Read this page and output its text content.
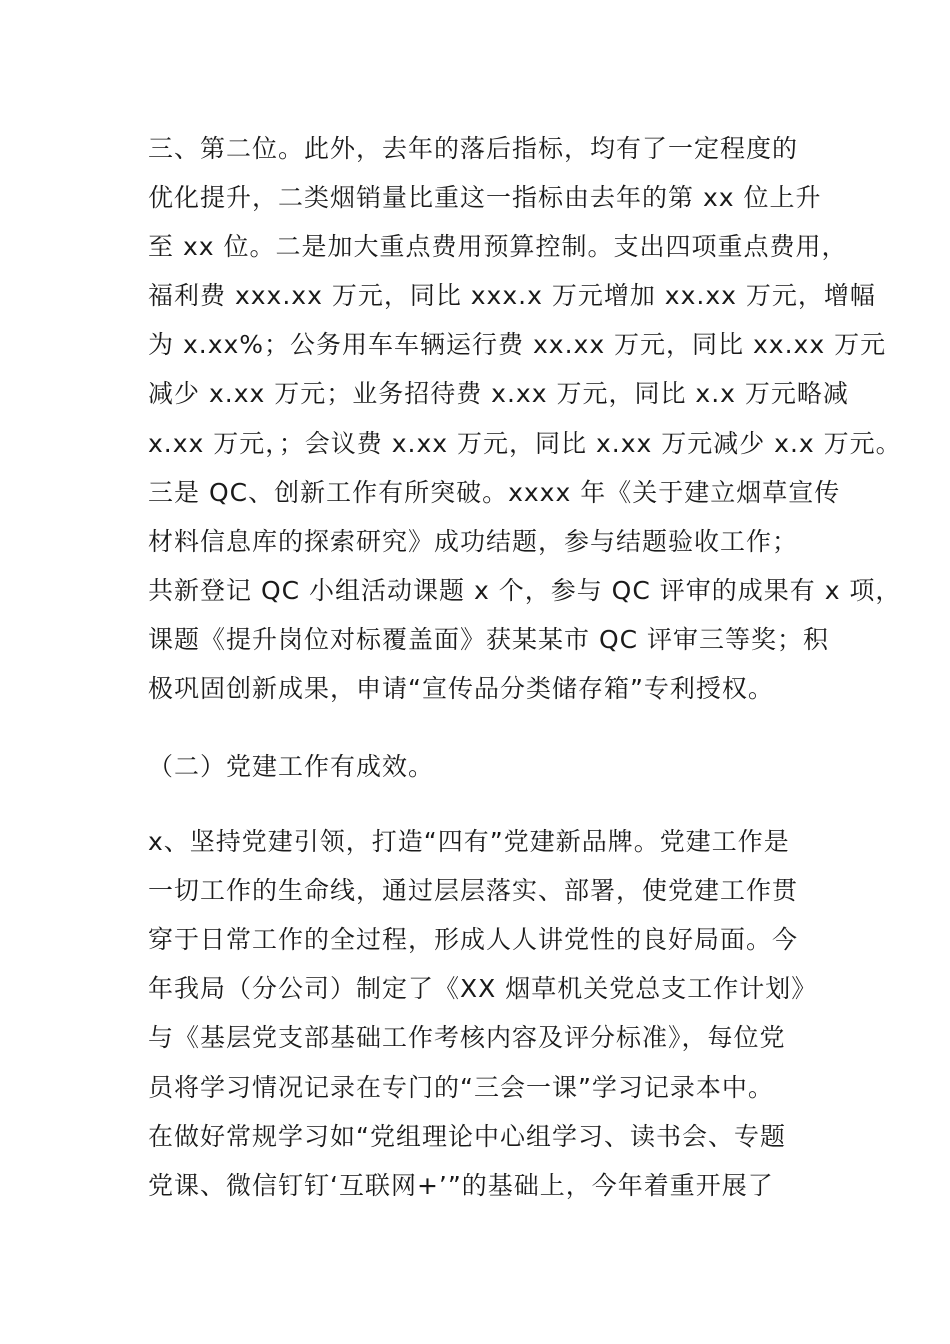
三、第二位。此外，去年的落后指标，均有了一定程度的
优化提升，二类烟销量比重这一指标由去年的第 xx 位上升
至 xx 位。二是加大重点费用预算控制。支出四项重点费用，
福利费 xxx.xx 万元，同比 xxx.x 万元增加 xx.xx 万元，增幅
为 x.xx%；公务用车车辆运行费 xx.xx 万元，同比 xx.xx 万元
减少 x.xx 万元；业务招待费 x.xx 万元，同比 x.x 万元略减
x.xx 万元，；会议费 x.xx 万元，同比 x.xx 万元减少 x.x 万元。
三是 QC、创新工作有所突破。xxxx 年《关于建立烟草宣传
材料信息库的探索研究》成功结题，参与结题验收工作；
共新登记 QC 小组活动课题 x 个，参与 QC 评审的成果有 x 项，
课题《提升岗位对标覆盖面》获某某市 QC 评审三等奖；积
极巩固创新成果，申请“宣传品分类储存箱”专利授权。
（二）党建工作有成效。
x、坚持党建引领，打造“四有”党建新品牌。党建工作是
一切工作的生命线，通过层层落实、部署，使党建工作贯
穿于日常工作的全过程，形成人人讲党性的良好局面。今
年我局（分公司）制定了《XX 烟草机关党总支工作计划》
与《基层党支部基础工作考核内容及评分标准》，每位党
员将学习情况记录在专门的“三会一课”学习记录本中。
在做好常规学习如“党组理论中心组学习、读书会、专题
党课、微信钉钉‘互联网+’”的基础上，今年着重开展了
